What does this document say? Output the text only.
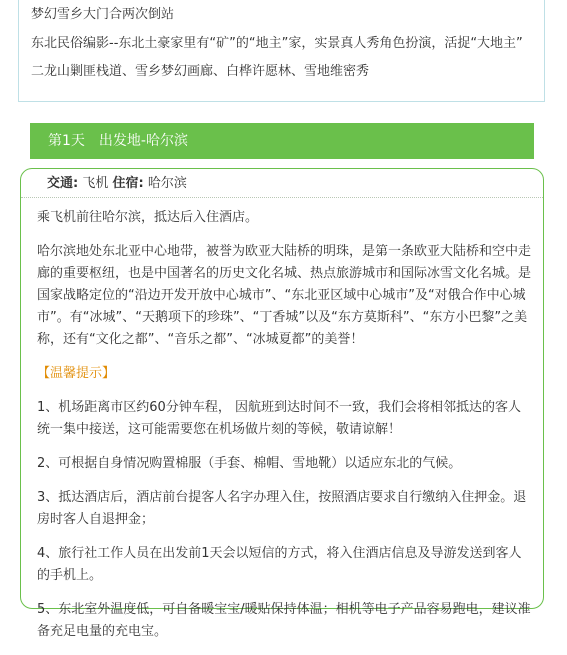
梦幻雪乡大门合两次倒站

东北民俗编影--东北土豪家里有“矿”的“地主”家，实景真人秀角色扮演，活捉“大地主”

二龙山剿匪栈道、雪乡梦幻画廊、白桦许愿林、雪地维密秀

第1天　出发地-哈尔滨
交通: 飞机 住宿: 哈尔滨

乘飞机前往哈尔滨，抵达后入住酒店。

哈尔滨地处东北亚中心地带，被誉为欧亚大陆桥的明珠，是第一条欧亚大陆桥和空中走廊的重要枢纽，也是中国著名的历史文化名城、热点旅游城市和国际冰雪文化名城。是国家战略定位的“沿边开发开放中心城市”、“东北亚区域中心城市”及“对俄合作中心城市”。有“冰城”、“天鹅项下的珍珠”、“丁香城”以及“东方莫斯科”、“东方小巴黎”之美称，还有“文化之都”、“音乐之都”、“冰城夏都”的美誉！

【温馨提示】

1、机场距离市区约60分钟车程， 因航班到达时间不一致，我们会将相邻抵达的客人统一集中接送，这可能需要您在机场做片刻的等候，敬请谅解！

2、可根据自身情况购置棉服（手套、棉帽、雪地靴）以适应东北的气候。

3、抵达酒店后，酒店前台提客人名字办理入住，按照酒店要求自行缴纳入住押金。退房时客人自退押金；

4、旅行社工作人员在出发前1天会以短信的方式，将入住酒店信息及导游发送到客人的手机上。

5、东北室外温度低，可自备暖宝宝/暖贴保持体温；相机等电子产品容易跑电，建议准备充足电量的充电宝。
